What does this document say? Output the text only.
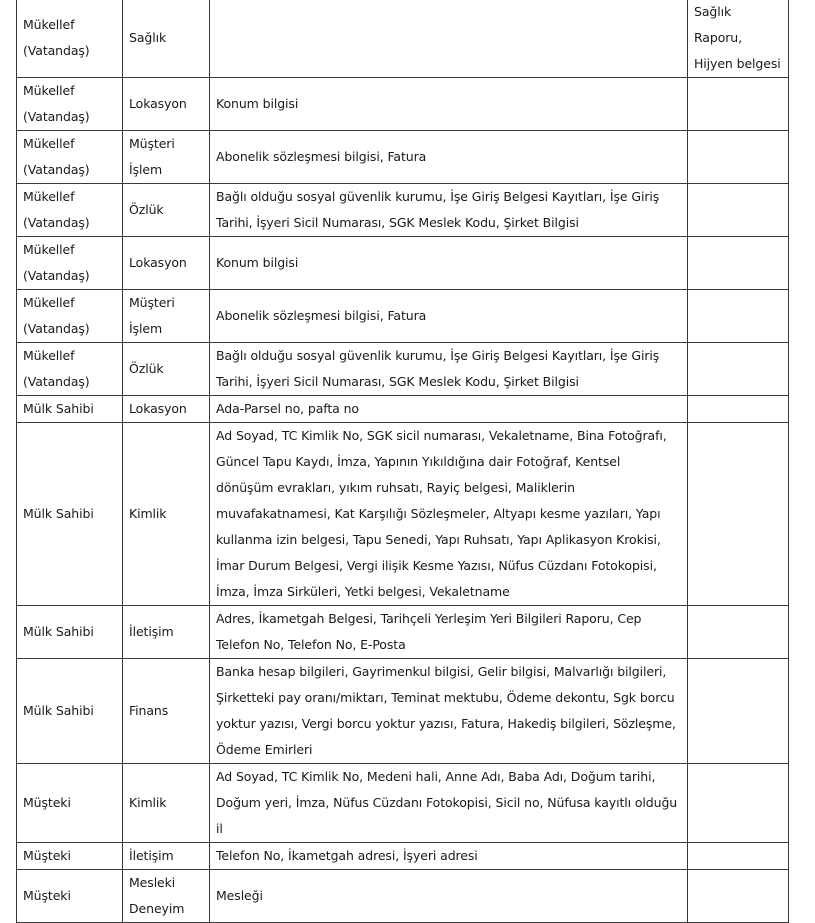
Mükellef (Vatandaş)	Sağlık		Sağlık Raporu, Hijyen belgesi
Mükellef (Vatandaş)	Lokasyon	Konum bilgisi	
Mükellef (Vatandaş)	Müşteri İşlem	Abonelik sözleşmesi bilgisi, Fatura	
Mükellef (Vatandaş)	Özlük	Bağlı olduğu sosyal güvenlik kurumu, İşe Giriş Belgesi Kayıtları, İşe Giriş Tarihi, İşyeri Sicil Numarası, SGK Meslek Kodu, Şirket Bilgisi	
Mükellef (Vatandaş)	Lokasyon	Konum bilgisi	
Mükellef (Vatandaş)	Müşteri İşlem	Abonelik sözleşmesi bilgisi, Fatura	
Mükellef (Vatandaş)	Özlük	Bağlı olduğu sosyal güvenlik kurumu, İşe Giriş Belgesi Kayıtları, İşe Giriş Tarihi, İşyeri Sicil Numarası, SGK Meslek Kodu, Şirket Bilgisi	
Mülk Sahibi	Lokasyon	Ada-Parsel no, pafta no	
Mülk Sahibi	Kimlik	Ad Soyad, TC Kimlik No, SGK sicil numarası, Vekaletname, Bina Fotoğrafı, Güncel Tapu Kaydı, İmza, Yapının Yıkıldığına dair Fotoğraf, Kentsel dönüşüm evrakları, yıkım ruhsatı, Rayiç belgesi, Maliklerin muvafakatnamesi, Kat Karşılığı Sözleşmeler, Altyapı kesme yazıları, Yapı kullanma izin belgesi, Tapu Senedi, Yapı Ruhsatı, Yapı Aplikasyon Krokisi, İmar Durum Belgesi, Vergi ilişik Kesme Yazısı, Nüfus Cüzdanı Fotokopisi, İmza, İmza Sirküleri, Yetki belgesi, Vekaletname	
Mülk Sahibi	İletişim	Adres, İkametgah Belgesi, Tarihçeli Yerleşim Yeri Bilgileri Raporu, Cep Telefon No, Telefon No, E-Posta	
Mülk Sahibi	Finans	Banka hesap bilgileri, Gayrimenkul bilgisi, Gelir bilgisi, Malvarlığı bilgileri, Şirketteki pay oranı/miktarı, Teminat mektubu, Ödeme dekontu, Sgk borcu yoktur yazısı, Vergi borcu yoktur yazısı, Fatura, Hakediş bilgileri, Sözleşme, Ödeme Emirleri	
Müşteki	Kimlik	Ad Soyad, TC Kimlik No, Medeni hali, Anne Adı, Baba Adı, Doğum tarihi, Doğum yeri, İmza, Nüfus Cüzdanı Fotokopisi, Sicil no, Nüfusa kayıtlı olduğu il	
Müşteki	İletişim	Telefon No, İkametgah adresi, İşyeri adresi	
Müşteki	Mesleki Deneyim	Mesleği	
